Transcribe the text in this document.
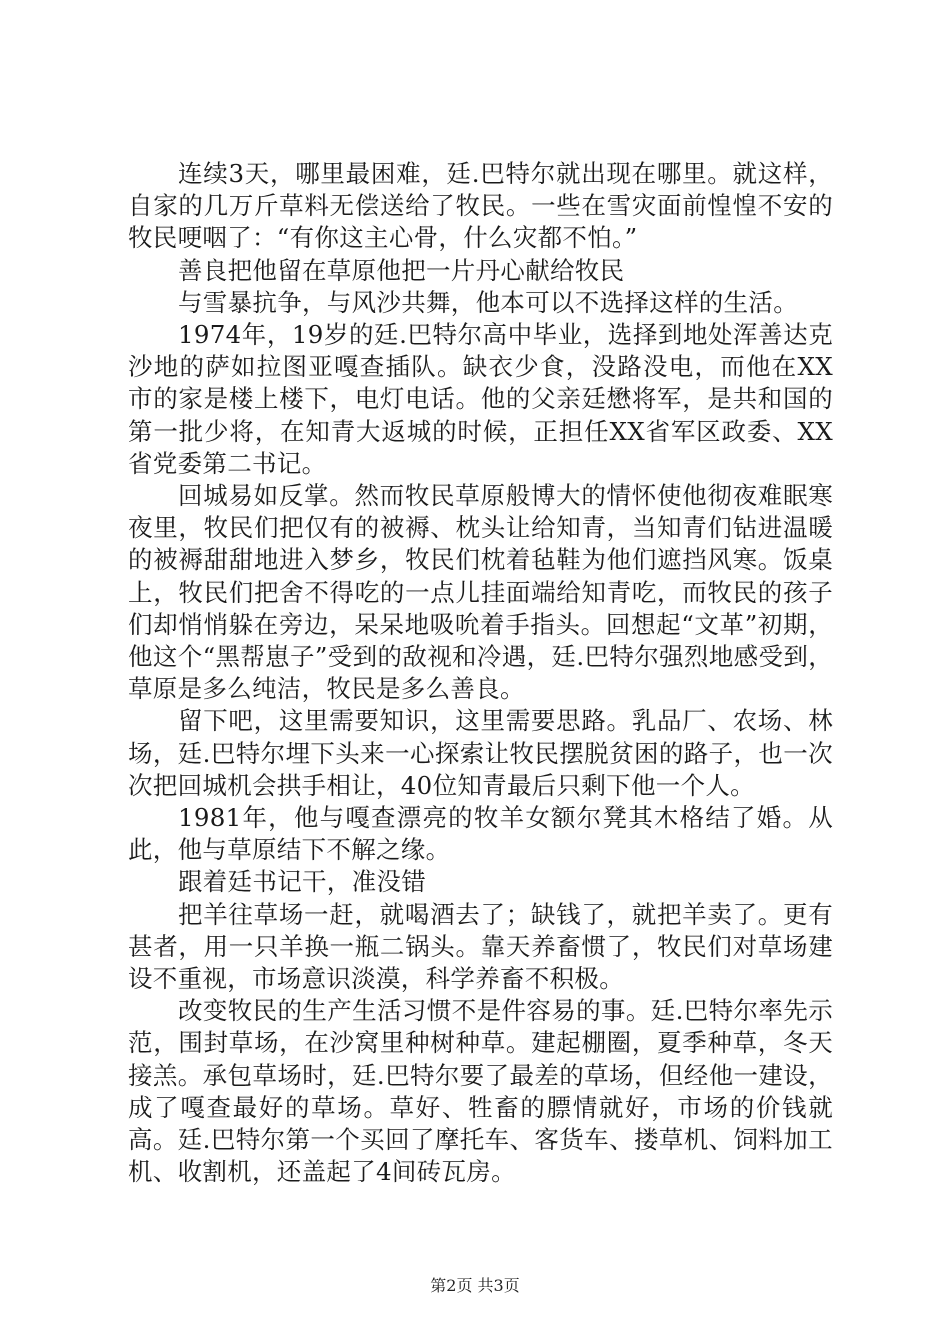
连续3天，哪里最困难，廷.巴特尔就出现在哪里。就这样，自家的几万斤草料无偿送给了牧民。一些在雪灾面前惶惶不安的牧民哽咽了：“有你这主心骨，什么灾都不怕。”

善良把他留在草原他把一片丹心献给牧民

与雪暴抗争，与风沙共舞，他本可以不选择这样的生活。

1974年，19岁的廷.巴特尔高中毕业，选择到地处浑善达克沙地的萨如拉图亚嘎查插队。缺衣少食，没路没电，而他在XX市的家是楼上楼下，电灯电话。他的父亲廷懋将军，是共和国的第一批少将，在知青大返城的时候，正担任XX省军区政委、XX省党委第二书记。

回城易如反掌。然而牧民草原般博大的情怀使他彻夜难眠寒夜里，牧民们把仅有的被褥、枕头让给知青，当知青们钻进温暖的被褥甜甜地进入梦乡，牧民们枕着毡鞋为他们遮挡风寒。饭桌上，牧民们把舍不得吃的一点儿挂面端给知青吃，而牧民的孩子们却悄悄躲在旁边，呆呆地吸吮着手指头。回想起“文革”初期，他这个“黑帮崽子”受到的敌视和冷遇，廷.巴特尔强烈地感受到，草原是多么纯洁，牧民是多么善良。

留下吧，这里需要知识，这里需要思路。乳品厂、农场、林场，廷.巴特尔埋下头来一心探索让牧民摆脱贫困的路子，也一次次把回城机会拱手相让，40位知青最后只剩下他一个人。

1981年，他与嘎查漂亮的牧羊女额尔凳其木格结了婚。从此，他与草原结下不解之缘。

跟着廷书记干，准没错

把羊往草场一赶，就喝酒去了；缺钱了，就把羊卖了。更有甚者，用一只羊换一瓶二锅头。靠天养畜惯了，牧民们对草场建设不重视，市场意识淡漠，科学养畜不积极。

改变牧民的生产生活习惯不是件容易的事。廷.巴特尔率先示范，围封草场，在沙窝里种树种草。建起棚圈，夏季种草，冬天接羔。承包草场时，廷.巴特尔要了最差的草场，但经他一建设，成了嘎查最好的草场。草好、牲畜的膘情就好，市场的价钱就高。廷.巴特尔第一个买回了摩托车、客货车、搂草机、饲料加工机、收割机，还盖起了4间砖瓦房。

第2页 共3页
